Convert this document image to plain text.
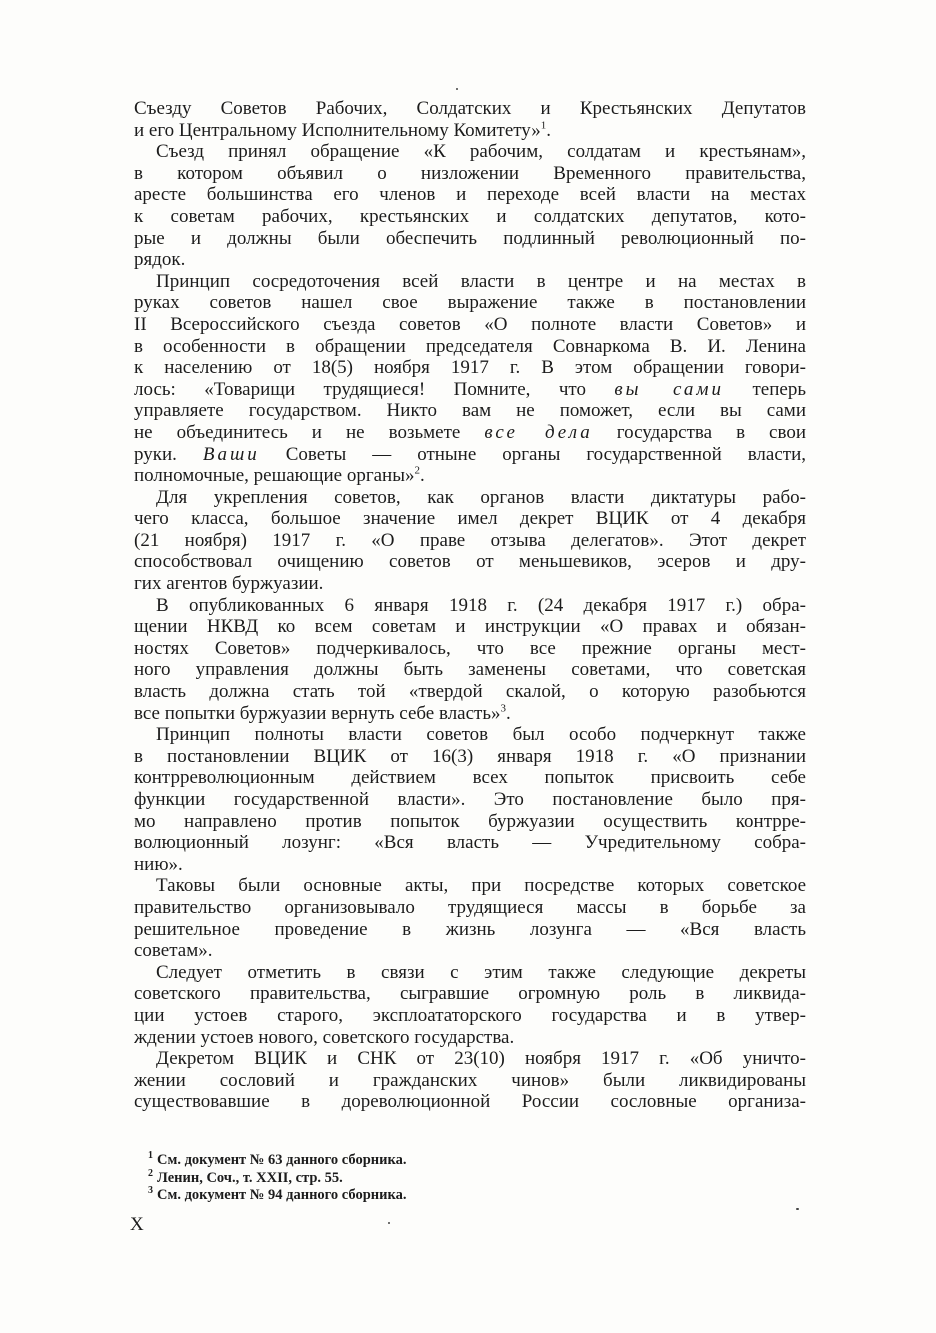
Съезду Советов Рабочих, Солдатских и Крестьянских Депутатов
и его Центральному Исполнительному Комитету»$^1$.
Съезд принял обращение «К рабочим, солдатам и крестьянам»,
в котором объявил о низложении Временного правительства,
аресте большинства его членов и переходе всей власти на местах
к советам рабочих, крестьянских и солдатских депутатов, кото-
рые и должны были обеспечить подлинный революционный по-
рядок.
Принцип сосредоточения всей власти в центре и на местах в
руках советов нашел свое выражение также в постановлении
II Всероссийского съезда советов «О полноте власти Советов» и
в особенности в обращении председателя Совнаркома В. И. Ленина
к населению от 18(5) ноября 1917 г. В этом обращении говори-
лось: «Товарищи трудящиеся! Помните, что вы сами теперь
управляете государством. Никто вам не поможет, если вы сами
не объединитесь и не возьмете все дела государства в свои
руки. Ваши Советы — отныне органы государственной власти,
полномочные, решающие органы»$^2$.
Для укрепления советов, как органов власти диктатуры рабо-
чего класса, большое значение имел декрет ВЦИК от 4 декабря
(21 ноября) 1917 г. «О праве отзыва делегатов». Этот декрет
способствовал очищению советов от меньшевиков, эсеров и дру-
гих агентов буржуазии.
В опубликованных 6 января 1918 г. (24 декабря 1917 г.) обра-
щении НКВД ко всем советам и инструкции «О правах и обязан-
ностях Советов» подчеркивалось, что все прежние органы мест-
ного управления должны быть заменены советами, что советская
власть должна стать той «твердой скалой, о которую разобьются
все попытки буржуазии вернуть себе власть»$^3$.
Принцип полноты власти советов был особо подчеркнут также
в постановлении ВЦИК от 16(3) января 1918 г. «О признании
контрреволюционным действием всех попыток присвоить себе
функции государственной власти». Это постановление было пря-
мо направлено против попыток буржуазии осуществить контрре-
волюционный лозунг: «Вся власть — Учредительному собра-
нию».
Таковы были основные акты, при посредстве которых советское
правительство организовывало трудящиеся массы в борьбе за
решительное проведение в жизнь лозунга — «Вся власть
советам».
Следует отметить в связи с этим также следующие декреты
советского правительства, сыгравшие огромную роль в ликвида-
ции устоев старого, эксплоататорского государства и в утвер-
ждении устоев нового, советского государства.
Декретом ВЦИК и СНК от 23(10) ноября 1917 г. «Об уничто-
жении сословий и гражданских чинов» были ликвидированы
существовавшие в дореволюционной России сословные организа-
$^1$ См. документ № 63 данного сборника.
$^2$ Ленин, Соч., т. XXII, стр. 55.
$^3$ См. документ № 94 данного сборника.
X
